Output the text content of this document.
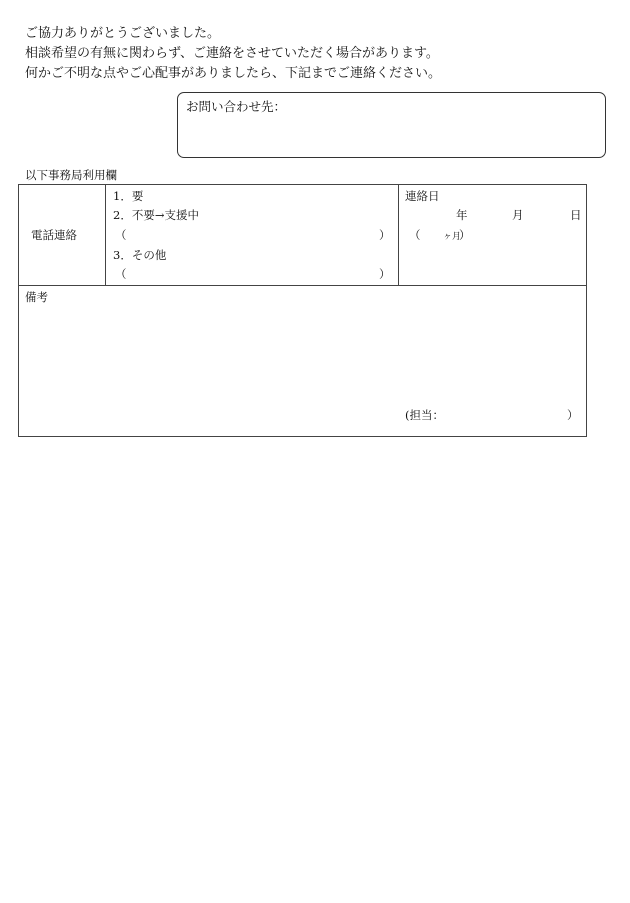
ご協力ありがとうございました。
相談希望の有無に関わらず、ご連絡をさせていただく場合があります。
何かご不明な点やご心配事がありましたら、下記までご連絡ください。
お問い合わせ先：
以下事務局利用欄
電話連絡
1．要
2．不要→支援中
（	）
3．その他
（	）
連絡日
年	月	日
（	ヶ月
）
備考
(担当：	）
